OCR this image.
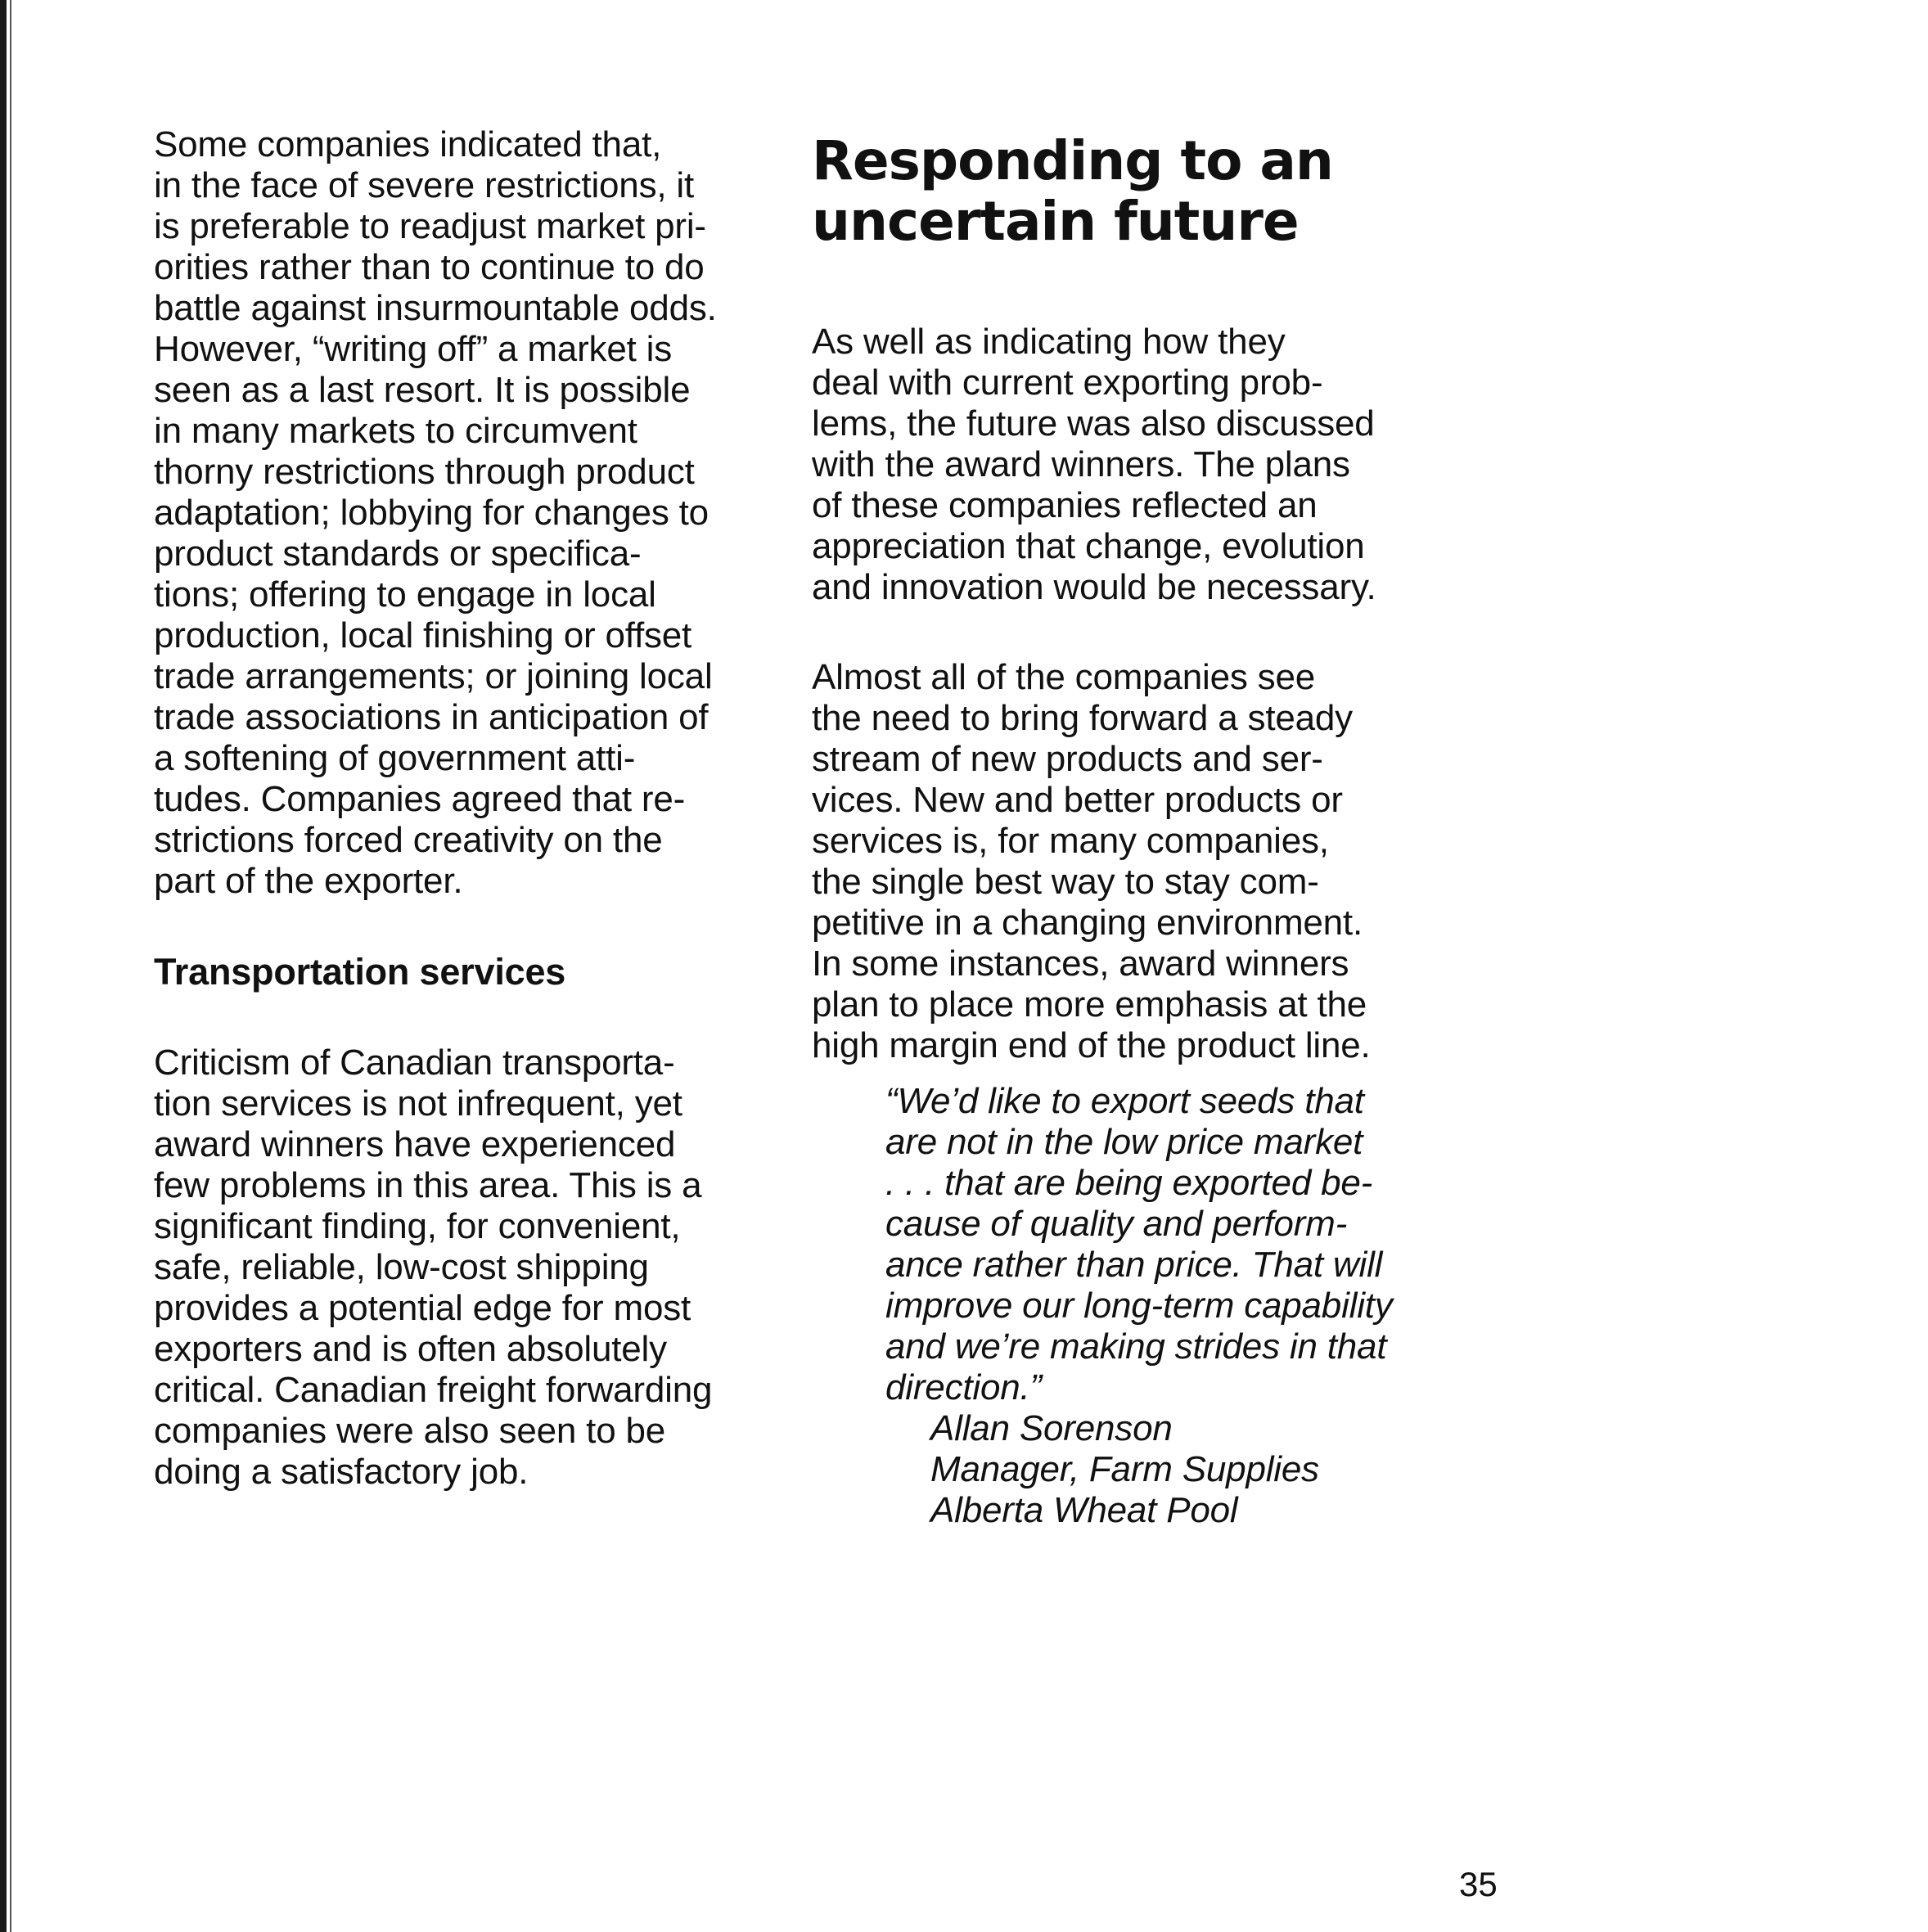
Some companies indicated that,
in the face of severe restrictions, it
is preferable to readjust market pri-
orities rather than to continue to do
battle against insurmountable odds.
However, “writing off” a market is
seen as a last resort. It is possible
in many markets to circumvent
thorny restrictions through product
adaptation; lobbying for changes to
product standards or specifica-
tions; offering to engage in local
production, local finishing or offset
trade arrangements; or joining local
trade associations in anticipation of
a softening of government atti-
tudes. Companies agreed that re-
strictions forced creativity on the
part of the exporter.

Transportation services

Criticism of Canadian transporta-
tion services is not infrequent, yet
award winners have experienced
few problems in this area. This is a
significant finding, for convenient,
safe, reliable, low-cost shipping
provides a potential edge for most
exporters and is often absolutely
critical. Canadian freight forwarding
companies were also seen to be
doing a satisfactory job.

Responding to an
uncertain future

As well as indicating how they
deal with current exporting prob-
lems, the future was also discussed
with the award winners. The plans
of these companies reflected an
appreciation that change, evolution
and innovation would be necessary.

Almost all of the companies see
the need to bring forward a steady
stream of new products and ser-
vices. New and better products or
services is, for many companies,
the single best way to stay com-
petitive in a changing environment.
In some instances, award winners
plan to place more emphasis at the
high margin end of the product line.

“We’d like to export seeds that
are not in the low price market
. . . that are being exported be-
cause of quality and perform-
ance rather than price. That will
improve our long-term capability
and we’re making strides in that
direction.”

Allan Sorenson
Manager, Farm Supplies
Alberta Wheat Pool

35
